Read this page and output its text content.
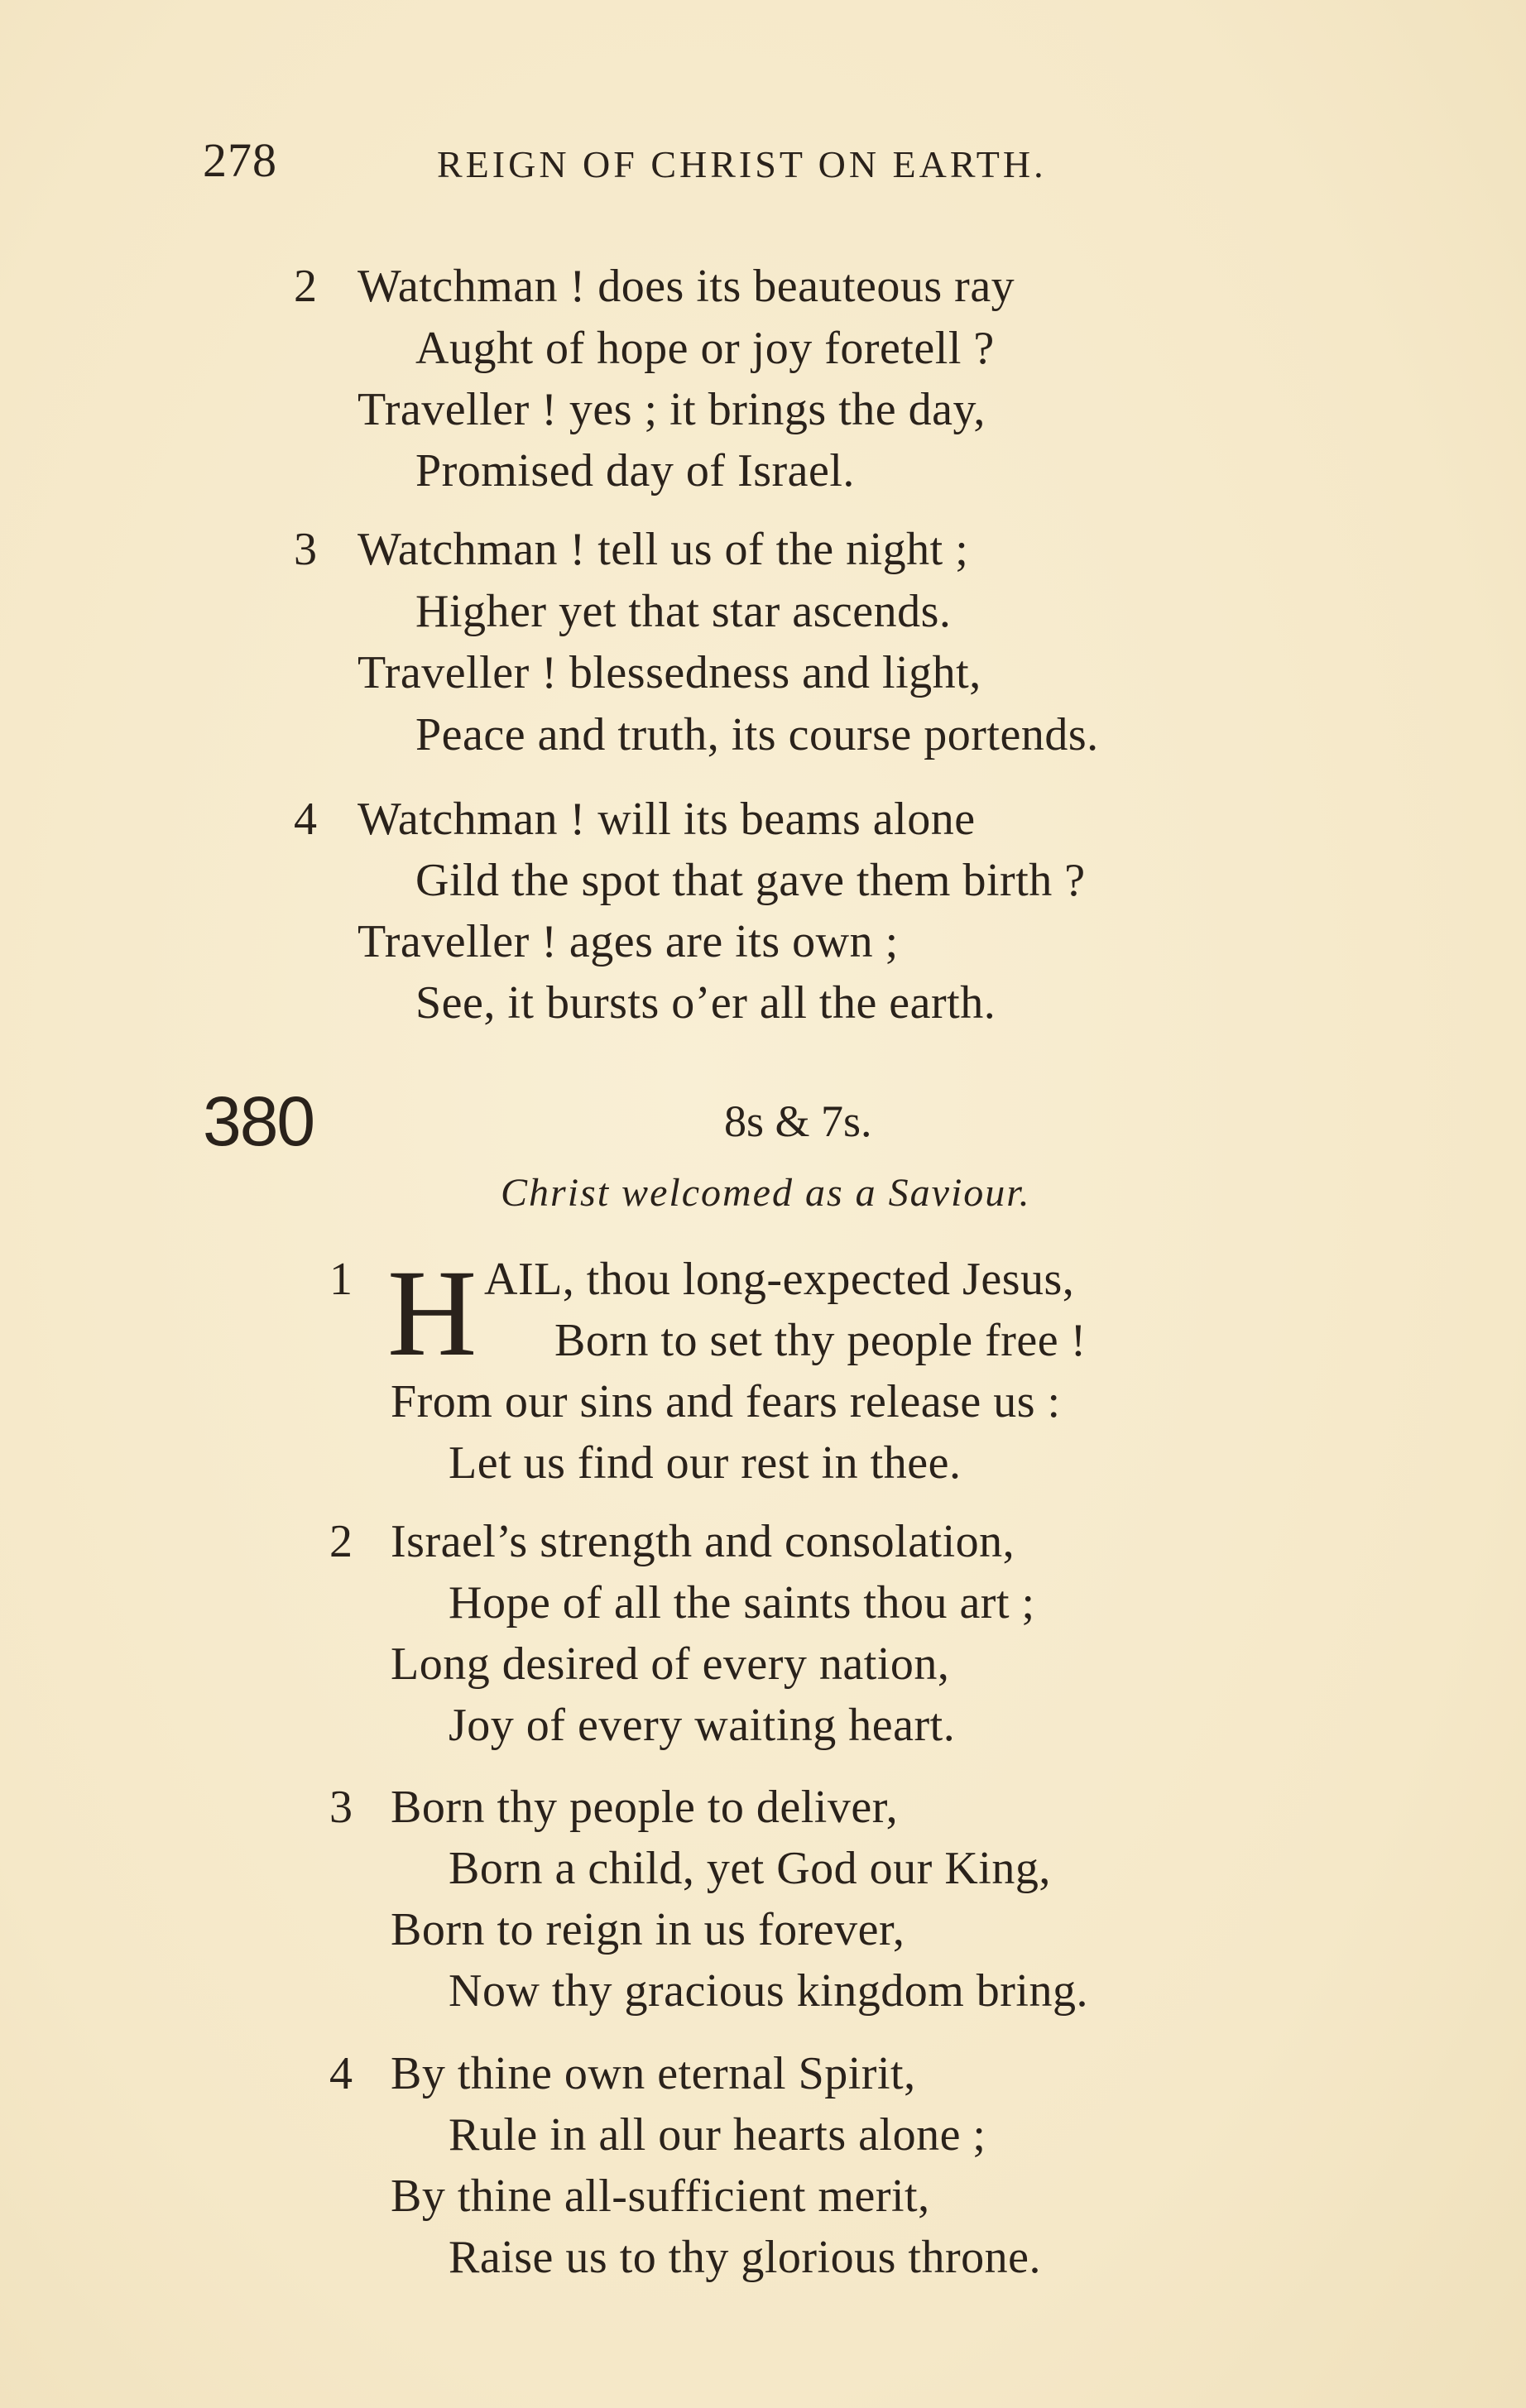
278	REIGN OF CHRIST ON EARTH.
2 Watchman ! does its beauteous ray
Aught of hope or joy foretell ?
Traveller ! yes ; it brings the day,
Promised day of Israel.
3 Watchman ! tell us of the night ;
Higher yet that star ascends.
Traveller ! blessedness and light,
Peace and truth, its course portends.
4 Watchman ! will its beams alone
Gild the spot that gave them birth ?
Traveller ! ages are its own ;
See, it bursts o’er all the earth.
380	8s & 7s.
Christ welcomed as a Saviour.
1 H AIL, thou long-expected Jesus,
Born to set thy people free !
From our sins and fears release us :
Let us find our rest in thee.
2 Israel’s strength and consolation,
Hope of all the saints thou art ;
Long desired of every nation,
Joy of every waiting heart.
3 Born thy people to deliver,
Born a child, yet God our King,
Born to reign in us forever,
Now thy gracious kingdom bring.
4 By thine own eternal Spirit,
Rule in all our hearts alone ;
By thine all-sufficient merit,
Raise us to thy glorious throne.
